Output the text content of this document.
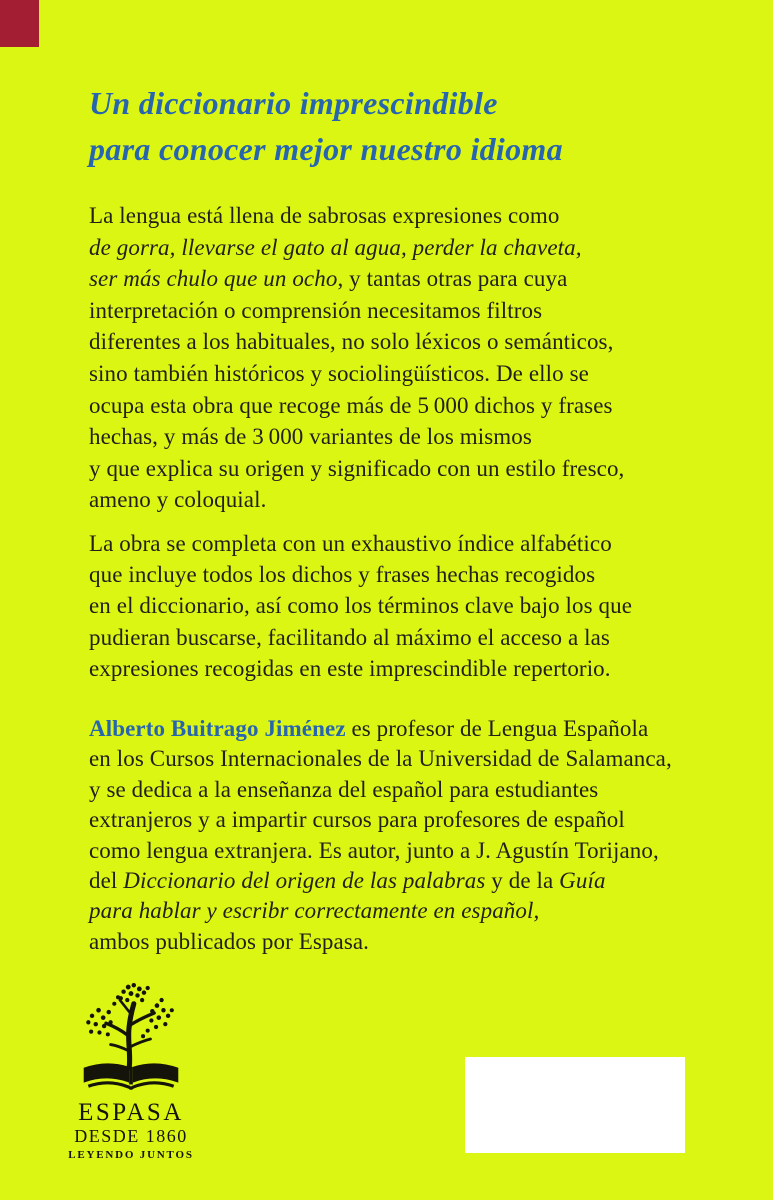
Un diccionario imprescindible
para conocer mejor nuestro idioma
La lengua está llena de sabrosas expresiones como
de gorra, llevarse el gato al agua, perder la chaveta,
ser más chulo que un ocho, y tantas otras para cuya
interpretación o comprensión necesitamos filtros
diferentes a los habituales, no solo léxicos o semánticos,
sino también históricos y sociolingüísticos. De ello se
ocupa esta obra que recoge más de 5 000 dichos y frases
hechas, y más de 3 000 variantes de los mismos
y que explica su origen y significado con un estilo fresco,
ameno y coloquial.
La obra se completa con un exhaustivo índice alfabético
que incluye todos los dichos y frases hechas recogidos
en el diccionario, así como los términos clave bajo los que
pudieran buscarse, facilitando al máximo el acceso a las
expresiones recogidas en este imprescindible repertorio.
Alberto Buitrago Jiménez es profesor de Lengua Española
en los Cursos Internacionales de la Universidad de Salamanca,
y se dedica a la enseñanza del español para estudiantes
extranjeros y a impartir cursos para profesores de español
como lengua extranjera. Es autor, junto a J. Agustín Torijano,
del Diccionario del origen de las palabras y de la Guía
para hablar y escribr correctamente en español,
ambos publicados por Espasa.
ESPASA
DESDE 1860
LEYENDO JUNTOS
